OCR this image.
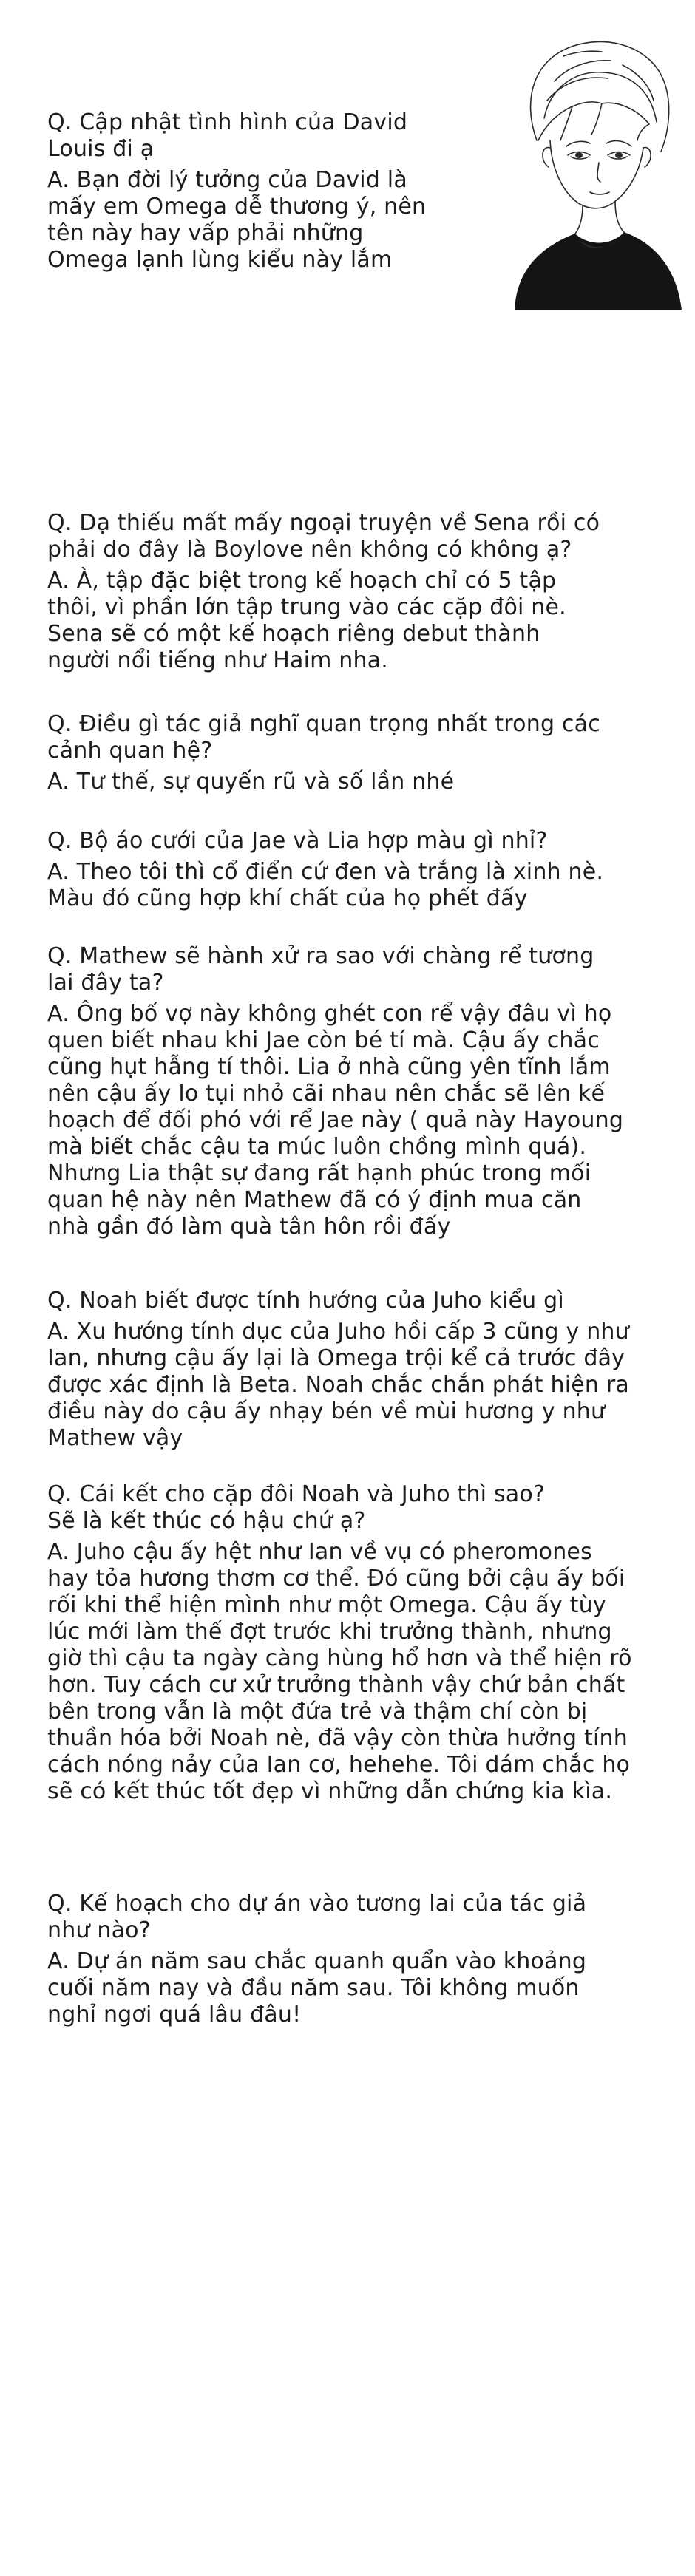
Q. Cập nhật tình hình của David
Louis đi ạ

A. Bạn đời lý tưởng của David là
mấy em Omega dễ thương ý, nên
tên này hay vấp phải những
Omega lạnh lùng kiểu này lắm

Q. Dạ thiếu mất mấy ngoại truyện về Sena rồi có
phải do đây là Boylove nên không có không ạ?

A. À, tập đặc biệt trong kế hoạch chỉ có 5 tập
thôi, vì phần lớn tập trung vào các cặp đôi nè.
Sena sẽ có một kế hoạch riêng debut thành
người nổi tiếng như Haim nha.

Q. Điều gì tác giả nghĩ quan trọng nhất trong các
cảnh quan hệ?

A. Tư thế, sự quyến rũ và số lần nhé

Q. Bộ áo cưới của Jae và Lia hợp màu gì nhỉ?

A. Theo tôi thì cổ điển cứ đen và trắng là xinh nè.
Màu đó cũng hợp khí chất của họ phết đấy

Q. Mathew sẽ hành xử ra sao với chàng rể tương
lai đây ta?

A. Ông bố vợ này không ghét con rể vậy đâu vì họ
quen biết nhau khi Jae còn bé tí mà. Cậu ấy chắc
cũng hụt hẫng tí thôi. Lia ở nhà cũng yên tĩnh lắm
nên cậu ấy lo tụi nhỏ cãi nhau nên chắc sẽ lên kế
hoạch để đối phó với rể Jae này ( quả này Hayoung
mà biết chắc cậu ta múc luôn chồng mình quá).
Nhưng Lia thật sự đang rất hạnh phúc trong mối
quan hệ này nên Mathew đã có ý định mua căn
nhà gần đó làm quà tân hôn rồi đấy

Q. Noah biết được tính hướng của Juho kiểu gì

A. Xu hướng tính dục của Juho hồi cấp 3 cũng y như
Ian, nhưng cậu ấy lại là Omega trội kể cả trước đây
được xác định là Beta. Noah chắc chắn phát hiện ra
điều này do cậu ấy nhạy bén về mùi hương y như
Mathew vậy

Q. Cái kết cho cặp đôi Noah và Juho thì sao?
Sẽ là kết thúc có hậu chứ ạ?

A. Juho cậu ấy hệt như Ian về vụ có pheromones
hay tỏa hương thơm cơ thể. Đó cũng bởi cậu ấy bối
rối khi thể hiện mình như một Omega. Cậu ấy tùy
lúc mới làm thế đợt trước khi trưởng thành, nhưng
giờ thì cậu ta ngày càng hùng hổ hơn và thể hiện rõ
hơn. Tuy cách cư xử trưởng thành vậy chứ bản chất
bên trong vẫn là một đứa trẻ và thậm chí còn bị
thuần hóa bởi Noah nè, đã vậy còn thừa hưởng tính
cách nóng nảy của Ian cơ, hehehe. Tôi dám chắc họ
sẽ có kết thúc tốt đẹp vì những dẫn chứng kia kìa.

Q. Kế hoạch cho dự án vào tương lai của tác giả
như nào?

A. Dự án năm sau chắc quanh quẩn vào khoảng
cuối năm nay và đầu năm sau. Tôi không muốn
nghỉ ngơi quá lâu đâu!
